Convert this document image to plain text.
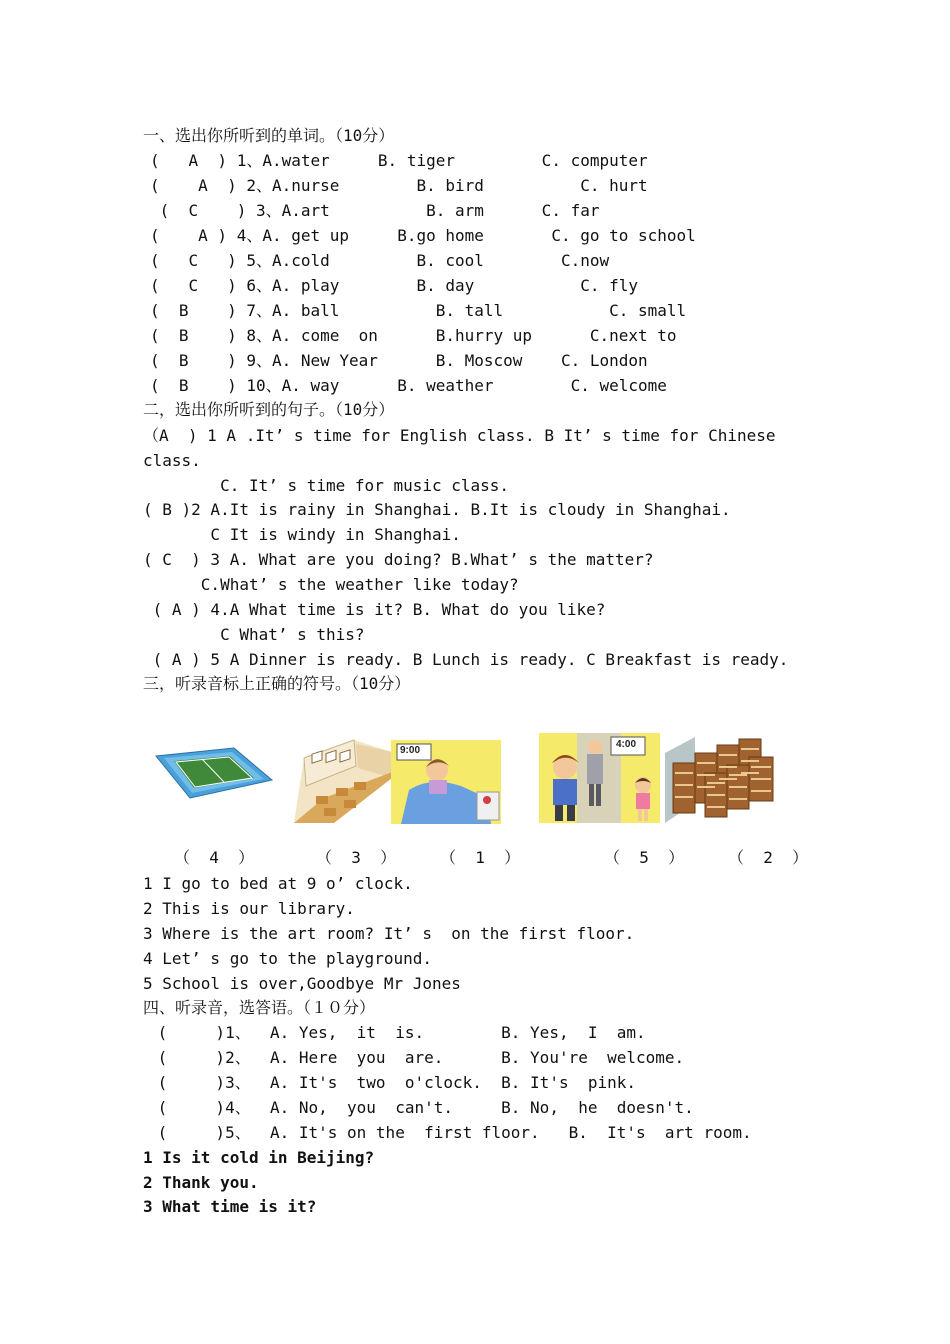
一、选出你所听到的单词。（10分）
(   A  ) 1、A.water     B. tiger         C. computer
(    A  ) 2、A.nurse        B. bird          C. hurt
(  C    ) 3、A.art          B. arm      C. far
(    A ) 4、A. get up     B.go home       C. go to school
(   C   ) 5、A.cold         B. cool        C.now
(   C   ) 6、A. play        B. day           C. fly
(  B    ) 7、A. ball          B. tall           C. small
(  B    ) 8、A. come  on      B.hurry up      C.next to
(  B    ) 9、A. New Year      B. Moscow    C. London
(  B    ) 10、A. way      B. weather        C. welcome
二，选出你所听到的句子。（10分）
（A  ) 1 A .It’ s time for English class. B It’ s time for Chinese
class.
C. It’ s time for music class.
( B )2 A.It is rainy in Shanghai. B.It is cloudy in Shanghai.
C It is windy in Shanghai.
( C  ) 3 A. What are you doing? B.What’ s the matter?
C.What’ s the weather like today?
( A ) 4.A What time is it? B. What do you like?
C What’ s this?
( A ) 5 A Dinner is ready. B Lunch is ready. C Breakfast is ready.
三，听录音标上正确的符号。（10分）
9:00
4:00
（  4  ）	（  3  ）	（  1  ）	（  5  ）	（  2  ）
1 I go to bed at 9 o’ clock.
2 This is our library.
3 Where is the art room? It’ s  on the first floor.
4 Let’ s go to the playground.
5 School is over,Goodbye Mr Jones
四、听录音，选答语。（１０分）
(     )1、  A. Yes,  it  is.        B. Yes,  I  am.
(     )2、  A. Here  you  are.      B. You're  welcome.
(     )3、  A. It's  two  o'clock.  B. It's  pink.
(     )4、  A. No,  you  can't.     B. No,  he  doesn't.
(     )5、  A. It's on the  first floor.   B.  It's  art room.
1 Is it cold in Beijing?
2 Thank you.
3 What time is it?
